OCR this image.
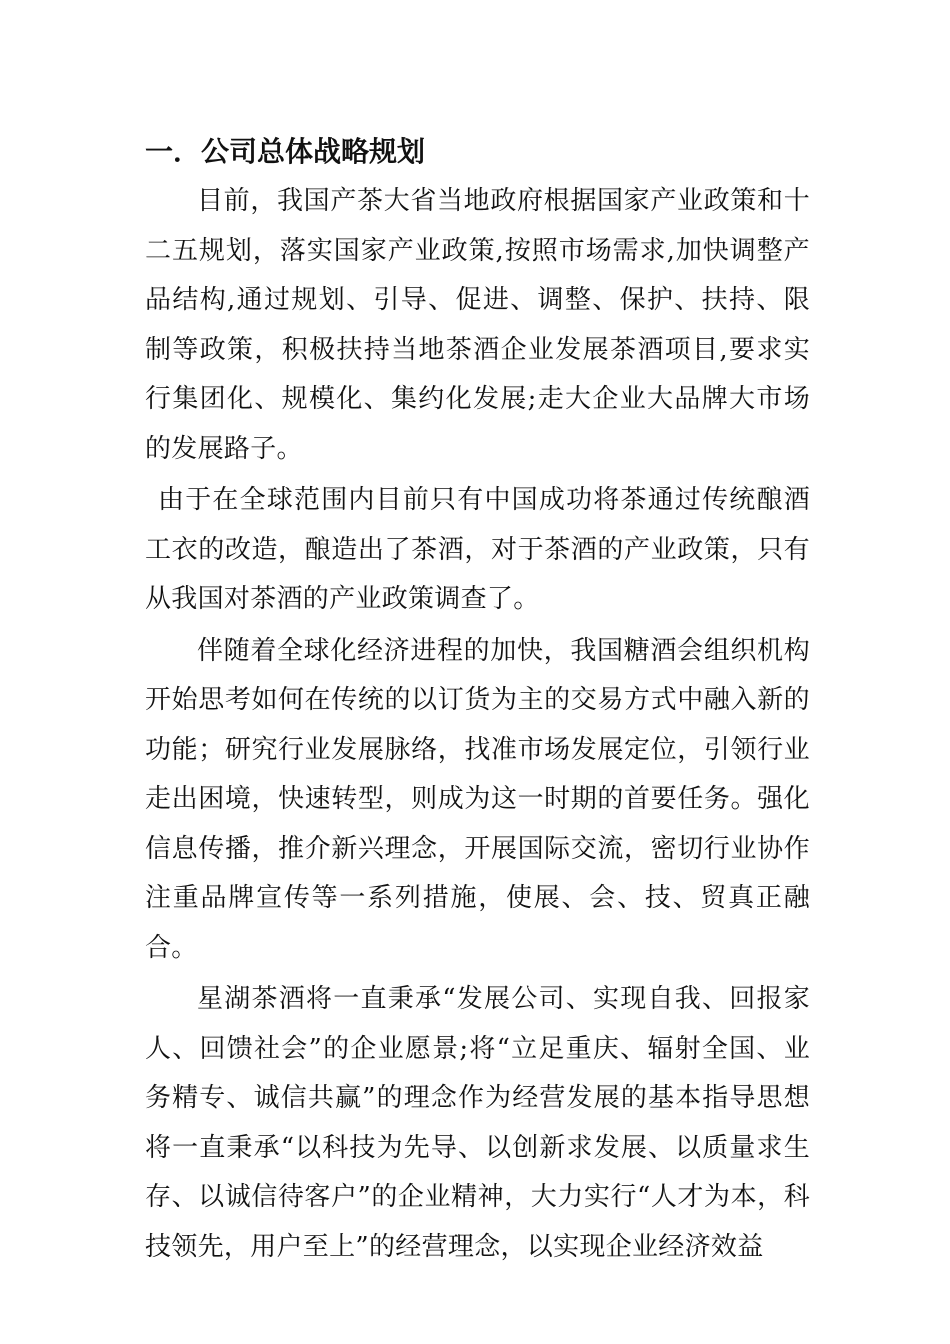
一．公司总体战略规划

目前，我国产茶大省当地政府根据国家产业政策和十二五规划，落实国家产业政策,按照市场需求,加快调整产品结构,通过规划、引导、促进、调整、保护、扶持、限制等政策，积极扶持当地茶酒企业发展茶酒项目,要求实行集团化、规模化、集约化发展;走大企业大品牌大市场的发展路子。

由于在全球范围内目前只有中国成功将茶通过传统酿酒工衣的改造，酿造出了茶酒，对于茶酒的产业政策，只有从我国对茶酒的产业政策调查了。

伴随着全球化经济进程的加快，我国糖酒会组织机构开始思考如何在传统的以订货为主的交易方式中融入新的功能；研究行业发展脉络，找准市场发展定位，引领行业走出困境，快速转型，则成为这一时期的首要任务。强化信息传播，推介新兴理念，开展国际交流，密切行业协作注重品牌宣传等一系列措施，使展、会、技、贸真正融合。

星湖茶酒将一直秉承“发展公司、实现自我、回报家人、回馈社会”的企业愿景;将“立足重庆、辐射全国、业务精专、诚信共赢”的理念作为经营发展的基本指导思想将一直秉承“以科技为先导、以创新求发展、以质量求生存、以诚信待客户”的企业精神，大力实行“人才为本，科技领先，用户至上”的经营理念，以实现企业经济效益
